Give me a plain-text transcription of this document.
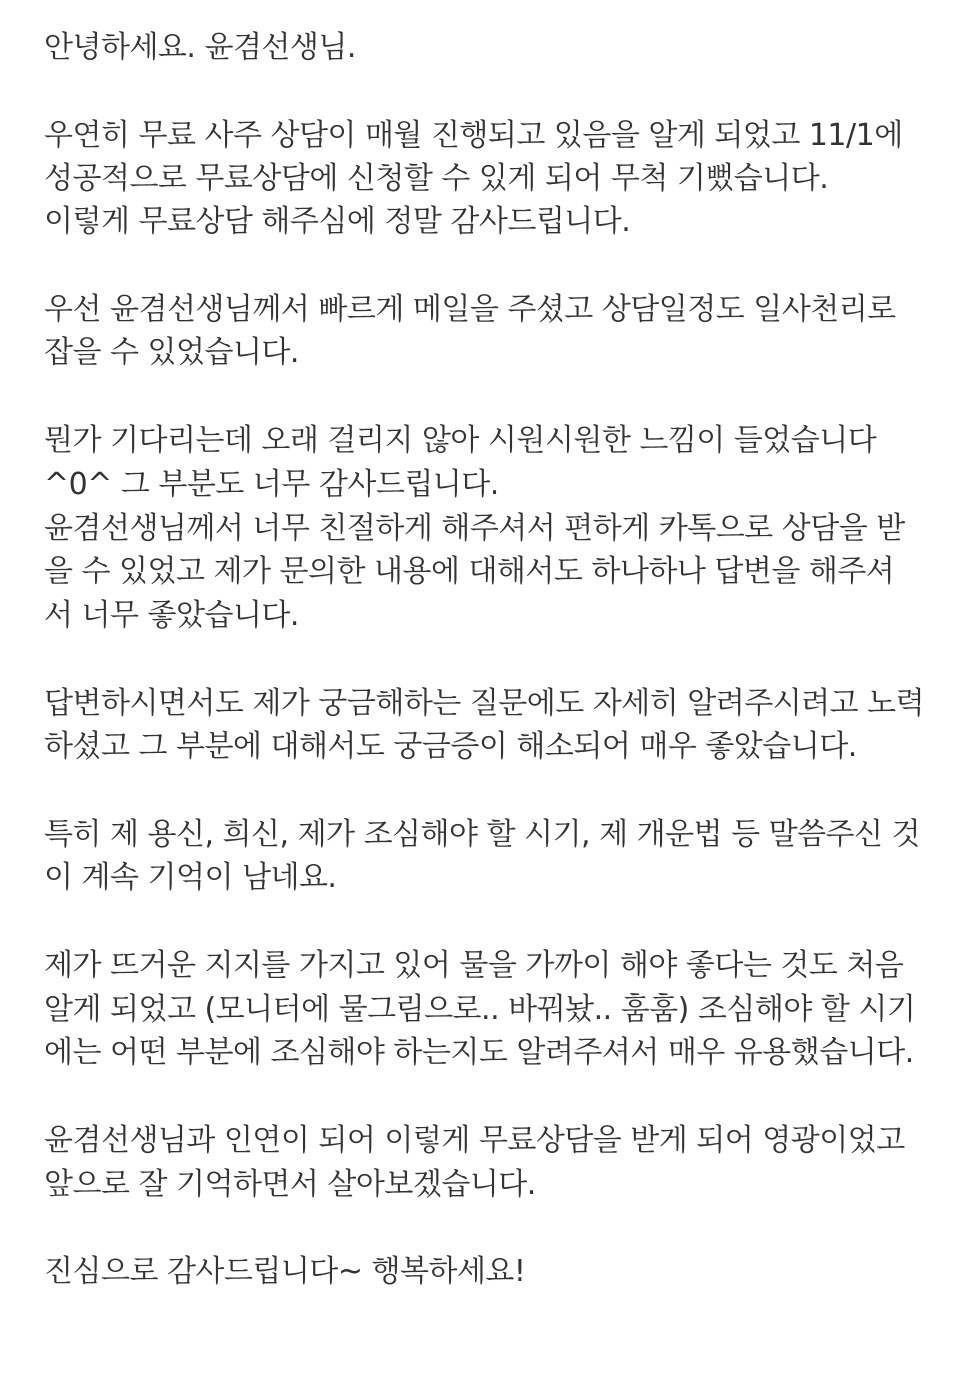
안녕하세요. 윤겸선생님.

우연히 무료 사주 상담이 매월 진행되고 있음을 알게 되었고 11/1에

성공적으로 무료상담에 신청할 수 있게 되어 무척 기뻤습니다.

이렇게 무료상담 해주심에 정말 감사드립니다.

우선 윤겸선생님께서 빠르게 메일을 주셨고 상담일정도 일사천리로

잡을 수 있었습니다.

뭔가 기다리는데 오래 걸리지 않아 시원시원한 느낌이 들었습니다

^0^ 그 부분도 너무 감사드립니다.

윤겸선생님께서 너무 친절하게 해주셔서 편하게 카톡으로 상담을 받

을 수 있었고 제가 문의한 내용에 대해서도 하나하나 답변을 해주셔

서 너무 좋았습니다.

답변하시면서도 제가 궁금해하는 질문에도 자세히 알려주시려고 노력

하셨고 그 부분에 대해서도 궁금증이 해소되어 매우 좋았습니다.

특히 제 용신, 희신, 제가 조심해야 할 시기, 제 개운법 등 말씀주신 것

이 계속 기억이 남네요.

제가 뜨거운 지지를 가지고 있어 물을 가까이 해야 좋다는 것도 처음

알게 되었고 (모니터에 물그림으로.. 바꿔놨.. 훔훔) 조심해야 할 시기

에는 어떤 부분에 조심해야 하는지도 알려주셔서 매우 유용했습니다.

윤겸선생님과 인연이 되어 이렇게 무료상담을 받게 되어 영광이었고

앞으로 잘 기억하면서 살아보겠습니다.

진심으로 감사드립니다~ 행복하세요!
